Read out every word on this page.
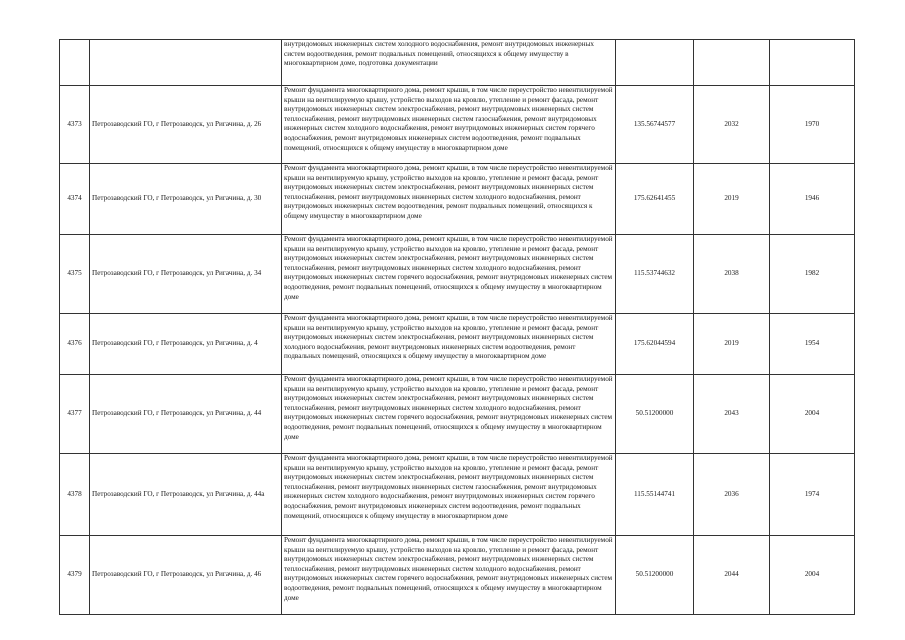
		внутридомовых инженерных систем холодного водоснабжения, ремонт внутридомовых инженерных систем водоотведения, ремонт подвальных помещений, относящихся к общему имуществу в многоквартирном доме, подготовка документации			
4373	Петрозаводский ГО, г Петрозаводск, ул Ригачина, д. 26	Ремонт фундамента многоквартирного дома, ремонт крыши, в том числе переустройство невентилируемой крыши на вентилируемую крышу, устройство выходов на кровлю, утепление и ремонт фасада, ремонт внутридомовых инженерных систем электроснабжения, ремонт внутридомовых инженерных систем теплоснабжения, ремонт внутридомовых инженерных систем газоснабжения, ремонт внутридомовых инженерных систем холодного водоснабжения, ремонт внутридомовых инженерных систем горячего водоснабжения, ремонт внутридомовых инженерных систем водоотведения, ремонт подвальных помещений, относящихся к общему имуществу в многоквартирном доме	135.56744577	2032	1970
4374	Петрозаводский ГО, г Петрозаводск, ул Ригачина, д. 30	Ремонт фундамента многоквартирного дома, ремонт крыши, в том числе переустройство невентилируемой крыши на вентилируемую крышу, устройство выходов на кровлю, утепление и ремонт фасада, ремонт внутридомовых инженерных систем электроснабжения, ремонт внутридомовых инженерных систем теплоснабжения, ремонт внутридомовых инженерных систем холодного водоснабжения, ремонт внутридомовых инженерных систем водоотведения, ремонт подвальных помещений, относящихся к общему имуществу в многоквартирном доме	175.62641455	2019	1946
4375	Петрозаводский ГО, г Петрозаводск, ул Ригачина, д. 34	Ремонт фундамента многоквартирного дома, ремонт крыши, в том числе переустройство невентилируемой крыши на вентилируемую крышу, устройство выходов на кровлю, утепление и ремонт фасада, ремонт внутридомовых инженерных систем электроснабжения, ремонт внутридомовых инженерных систем теплоснабжения, ремонт внутридомовых инженерных систем холодного водоснабжения, ремонт внутридомовых инженерных систем горячего водоснабжения, ремонт внутридомовых инженерных систем водоотведения, ремонт подвальных помещений, относящихся к общему имуществу в многоквартирном доме	115.53744632	2038	1982
4376	Петрозаводский ГО, г Петрозаводск, ул Ригачина, д. 4	Ремонт фундамента многоквартирного дома, ремонт крыши, в том числе переустройство невентилируемой крыши на вентилируемую крышу, устройство выходов на кровлю, утепление и ремонт фасада, ремонт внутридомовых инженерных систем электроснабжения, ремонт внутридомовых инженерных систем холодного водоснабжения, ремонт внутридомовых инженерных систем водоотведения, ремонт подвальных помещений, относящихся к общему имуществу в многоквартирном доме	175.62044594	2019	1954
4377	Петрозаводский ГО, г Петрозаводск, ул Ригачина, д. 44	Ремонт фундамента многоквартирного дома, ремонт крыши, в том числе переустройство невентилируемой крыши на вентилируемую крышу, устройство выходов на кровлю, утепление и ремонт фасада, ремонт внутридомовых инженерных систем электроснабжения, ремонт внутридомовых инженерных систем теплоснабжения, ремонт внутридомовых инженерных систем холодного водоснабжения, ремонт внутридомовых инженерных систем горячего водоснабжения, ремонт внутридомовых инженерных систем водоотведения, ремонт подвальных помещений, относящихся к общему имуществу в многоквартирном доме	50.51200000	2043	2004
4378	Петрозаводский ГО, г Петрозаводск, ул Ригачина, д. 44а	Ремонт фундамента многоквартирного дома, ремонт крыши, в том числе переустройство невентилируемой крыши на вентилируемую крышу, устройство выходов на кровлю, утепление и ремонт фасада, ремонт внутридомовых инженерных систем электроснабжения, ремонт внутридомовых инженерных систем теплоснабжения, ремонт внутридомовых инженерных систем газоснабжения, ремонт внутридомовых инженерных систем холодного водоснабжения, ремонт внутридомовых инженерных систем горячего водоснабжения, ремонт внутридомовых инженерных систем водоотведения, ремонт подвальных помещений, относящихся к общему имуществу в многоквартирном доме	115.55144741	2036	1974
4379	Петрозаводский ГО, г Петрозаводск, ул Ригачина, д. 46	Ремонт фундамента многоквартирного дома, ремонт крыши, в том числе переустройство невентилируемой крыши на вентилируемую крышу, устройство выходов на кровлю, утепление и ремонт фасада, ремонт внутридомовых инженерных систем электроснабжения, ремонт внутридомовых инженерных систем теплоснабжения, ремонт внутридомовых инженерных систем холодного водоснабжения, ремонт внутридомовых инженерных систем горячего водоснабжения, ремонт внутридомовых инженерных систем водоотведения, ремонт подвальных помещений, относящихся к общему имуществу в многоквартирном доме	50.51200000	2044	2004
